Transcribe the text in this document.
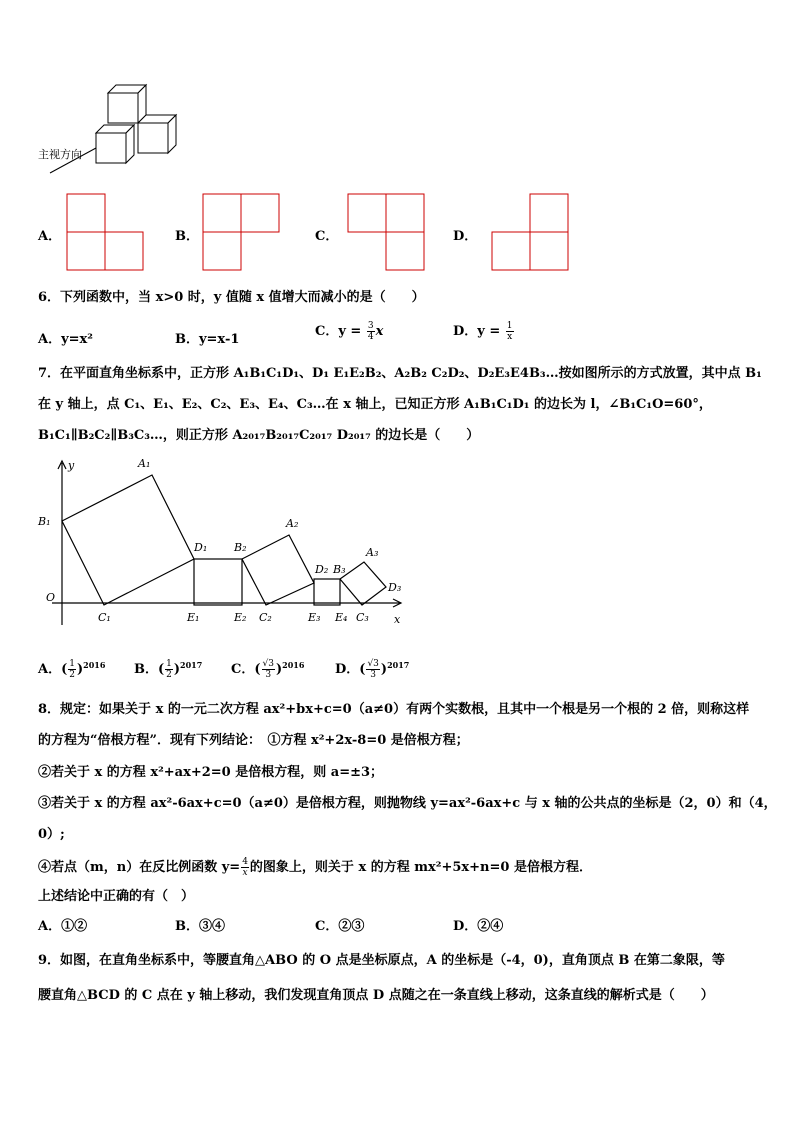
主视方向
A．	B．	C．	D．
6．下列函数中，当 x>0 时，y 值随 x 值增大而减小的是（　　）
A．y=x²	B．y=x-1
C．$y = \frac{3}{4}$ x	D．$y = \frac{1}{x}$
7．在平面直角坐标系中，正方形 A₁B₁C₁D₁、D₁ E₁E₂B₂、A₂B₂ C₂D₂、D₂E₃E4B₃…按如图所示的方式放置，其中点 B₁
在 y 轴上，点 C₁、E₁、E₂、C₂、E₃、E₄、C₃…在 x 轴上，已知正方形 A₁B₁C₁D₁ 的边长为 l，∠B₁C₁O=60°，
B₁C₁∥B₂C₂∥B₃C₃…，则正方形 A₂₀₁₇B₂₀₁₇C₂₀₁₇ D₂₀₁₇ 的边长是（　　）
y
x
O
A₁
B₁
C₁
D₁
E₁
B₂
E₂
A₂
C₂
D₂ B₃
E₃ E₄
A₃
C₃
D₃
A．( $\frac{1}{2} )^{2016}$ B．( $\frac{1}{2} )^{2017}$ C．( $\frac{√3}{3} )^{2016}$ D．( $\frac{√3}{3} )^{2017}$
8．规定：如果关于 x 的一元二次方程 ax²+bx+c=0（a≠0）有两个实数根，且其中一个根是另一个根的 2 倍，则称这样
的方程为“倍根方程”．现有下列结论：　①方程 x²+2x-8=0 是倍根方程；
②若关于 x 的方程 x²+ax+2=0 是倍根方程，则 a=±3；
③若关于 x 的方程 ax²-6ax+c=0（a≠0）是倍根方程，则抛物线 y=ax²-6ax+c 与 x 轴的公共点的坐标是（2，0）和（4，
0）;
④若点（m，n）在反比例函数 $y= \frac{4}{x}$的图象上，则关于 x 的方程 mx²+5x+n=0 是倍根方程．
上述结论中正确的有（　）
A．①②	B．③④	C．②③	D．②④
9．如图，在直角坐标系中，等腰直角△ABO 的 O 点是坐标原点，A 的坐标是（-4，0)，直角顶点 B 在第二象限，等
腰直角△BCD 的 C 点在 y 轴上移动，我们发现直角顶点 D 点随之在一条直线上移动，这条直线的解析式是（　　）
